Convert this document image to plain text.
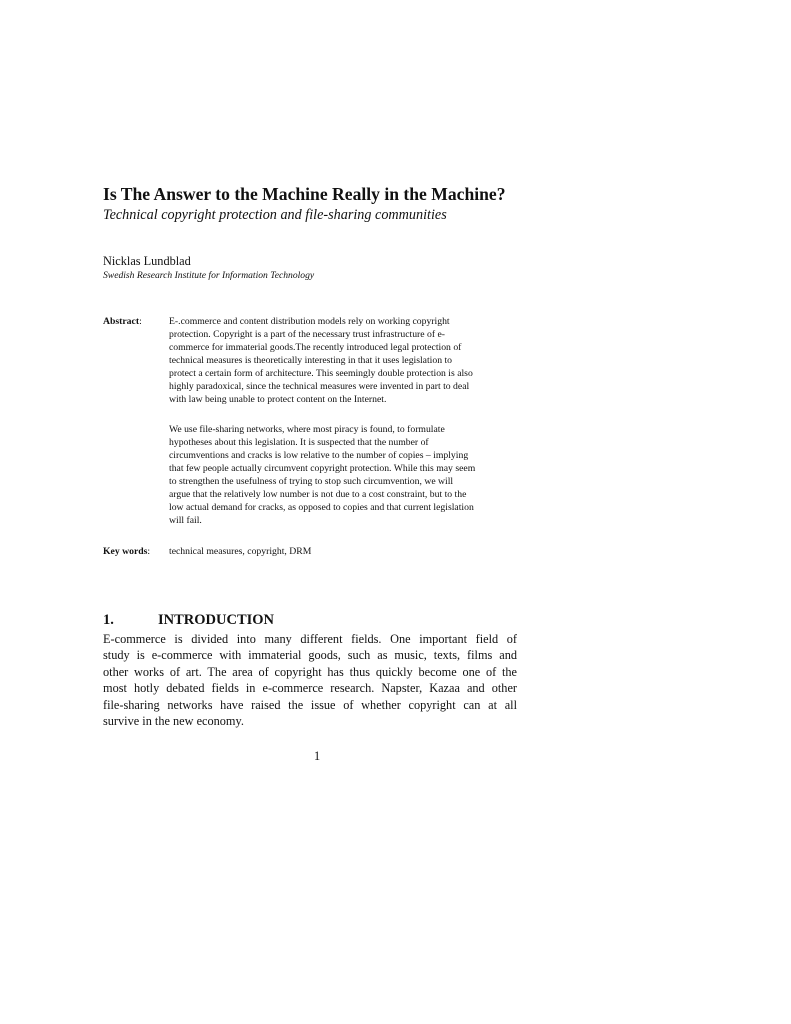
Is The Answer to the Machine Really in the Machine?
Technical copyright protection and file-sharing communities
Nicklas Lundblad
Swedish Research Institute for Information Technology
Abstract:	E-.commerce and content distribution models rely on working copyright
protection. Copyright is a part of the necessary trust infrastructure of e-
commerce for immaterial goods.The recently introduced legal protection of
technical measures is theoretically interesting in that it uses legislation to
protect a certain form of architecture. This seemingly double protection is also
highly paradoxical, since the technical measures were invented in part to deal
with law being unable to protect content on the Internet.
We use file-sharing networks, where most piracy is found, to formulate
hypotheses about this legislation. It is suspected that the number of
circumventions and cracks is low relative to the number of copies – implying
that few people actually circumvent copyright protection. While this may seem
to strengthen the usefulness of trying to stop such circumvention, we will
argue that the relatively low number is not due to a cost constraint, but to the
low actual demand for cracks, as opposed to copies and that current legislation
will fail.
Key words: technical measures, copyright, DRM
1.	INTRODUCTION
E-commerce is divided into many different fields. One important field of
study is e-commerce with immaterial goods, such as music, texts, films and
other works of art. The area of copyright has thus quickly become one of the
most hotly debated fields in e-commerce research. Napster, Kazaa and other
file-sharing networks have raised the issue of whether copyright can at all
survive in the new economy.
1
